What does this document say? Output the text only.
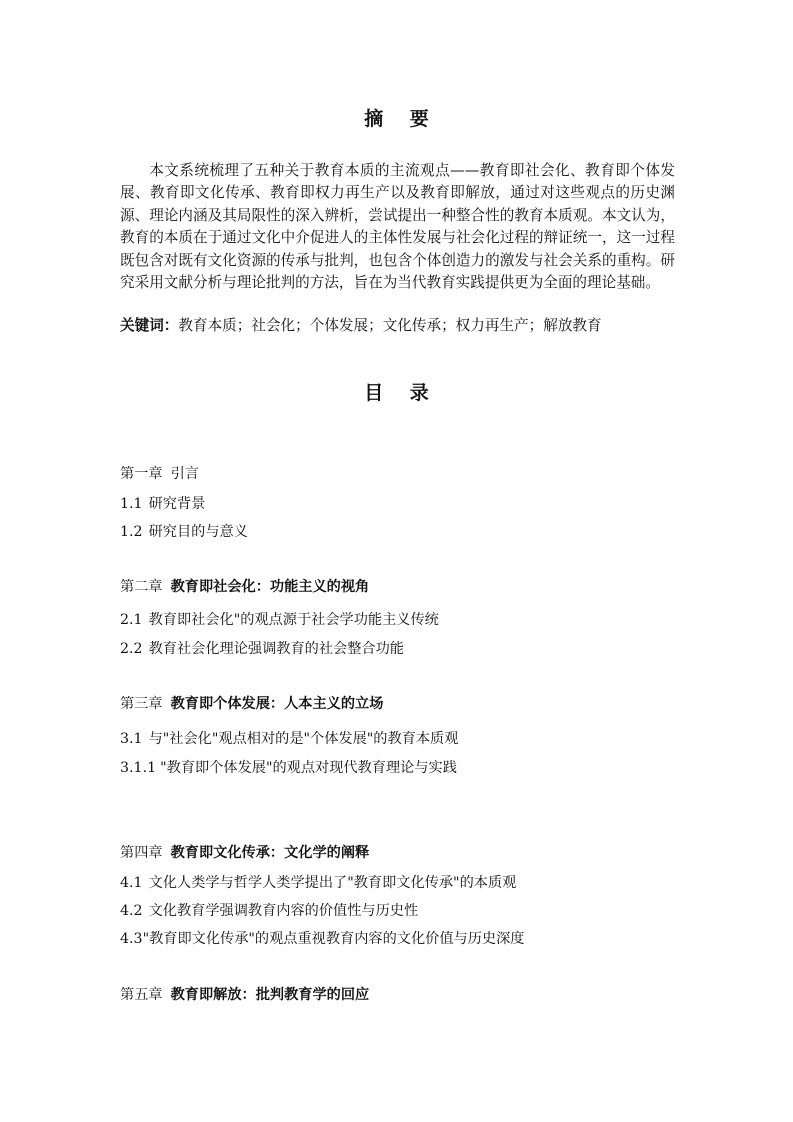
摘    要

本文系统梳理了五种关于教育本质的主流观点——教育即社会化、教育即个体发展、教育即文化传承、教育即权力再生产以及教育即解放，通过对这些观点的历史渊源、理论内涵及其局限性的深入辨析，尝试提出一种整合性的教育本质观。本文认为，教育的本质在于通过文化中介促进人的主体性发展与社会化过程的辩证统一，这一过程既包含对既有文化资源的传承与批判，也包含个体创造力的激发与社会关系的重构。研究采用文献分析与理论批判的方法，旨在为当代教育实践提供更为全面的理论基础。

关键词：教育本质；社会化；个体发展；文化传承；权力再生产；解放教育
目    录
第一章 引言
1.1 研究背景
1.2 研究目的与意义
第二章 教育即社会化：功能主义的视角
2.1 教育即社会化"的观点源于社会学功能主义传统
2.2 教育社会化理论强调教育的社会整合功能
第三章 教育即个体发展：人本主义的立场
3.1 与"社会化"观点相对的是"个体发展"的教育本质观
3.1.1 "教育即个体发展"的观点对现代教育理论与实践
第四章 教育即文化传承：文化学的阐释
4.1 文化人类学与哲学人类学提出了"教育即文化传承"的本质观
4.2 文化教育学强调教育内容的价值性与历史性
4.3"教育即文化传承"的观点重视教育内容的文化价值与历史深度
第五章 教育即解放：批判教育学的回应
